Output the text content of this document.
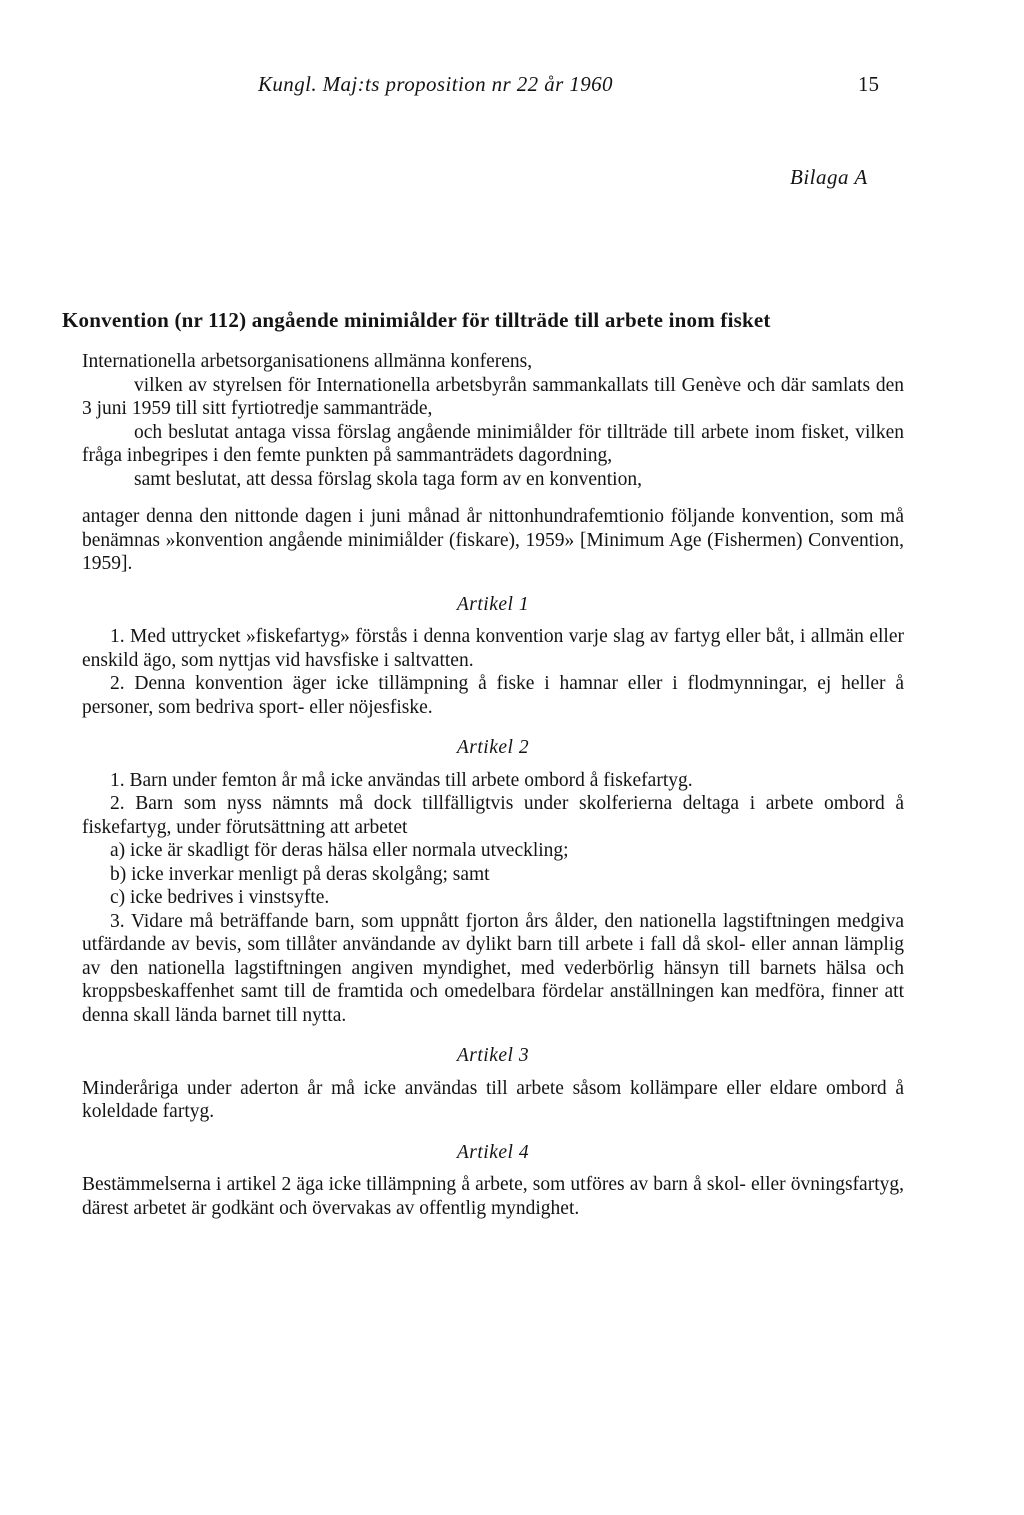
Kungl. Maj:ts proposition nr 22 år 1960	15
Bilaga A
Konvention (nr 112) angående minimiålder för tillträde till arbete inom fisket

Internationella arbetsorganisationens allmänna konferens,

vilken av styrelsen för Internationella arbetsbyrån sammankallats till Genève och där samlats den 3 juni 1959 till sitt fyrtiotredje sammanträde,

och beslutat antaga vissa förslag angående minimiålder för tillträde till arbete inom fisket, vilken fråga inbegripes i den femte punkten på sammanträdets dagordning,

samt beslutat, att dessa förslag skola taga form av en konvention,

antager denna den nittonde dagen i juni månad år nittonhundrafemtionio följande konvention, som må benämnas »konvention angående minimiålder (fiskare), 1959» [Minimum Age (Fishermen) Convention, 1959].

Artikel 1

1. Med uttrycket »fiskefartyg» förstås i denna konvention varje slag av fartyg eller båt, i allmän eller enskild ägo, som nyttjas vid havsfiske i saltvatten.

2. Denna konvention äger icke tillämpning å fiske i hamnar eller i flodmynningar, ej heller å personer, som bedriva sport- eller nöjesfiske.

Artikel 2

1. Barn under femton år må icke användas till arbete ombord å fiskefartyg.

2. Barn som nyss nämnts må dock tillfälligtvis under skolferierna deltaga i arbete ombord å fiskefartyg, under förutsättning att arbetet

a) icke är skadligt för deras hälsa eller normala utveckling;

b) icke inverkar menligt på deras skolgång; samt

c) icke bedrives i vinstsyfte.

3. Vidare må beträffande barn, som uppnått fjorton års ålder, den nationella lagstiftningen medgiva utfärdande av bevis, som tillåter användande av dylikt barn till arbete i fall då skol- eller annan lämplig av den nationella lagstiftningen angiven myndighet, med vederbörlig hänsyn till barnets hälsa och kroppsbeskaffenhet samt till de framtida och omedelbara fördelar anställningen kan medföra, finner att denna skall lända barnet till nytta.

Artikel 3

Minderåriga under aderton år må icke användas till arbete såsom kollämpare eller eldare ombord å koleldade fartyg.

Artikel 4

Bestämmelserna i artikel 2 äga icke tillämpning å arbete, som utföres av barn å skol- eller övningsfartyg, därest arbetet är godkänt och övervakas av offentlig myndighet.
